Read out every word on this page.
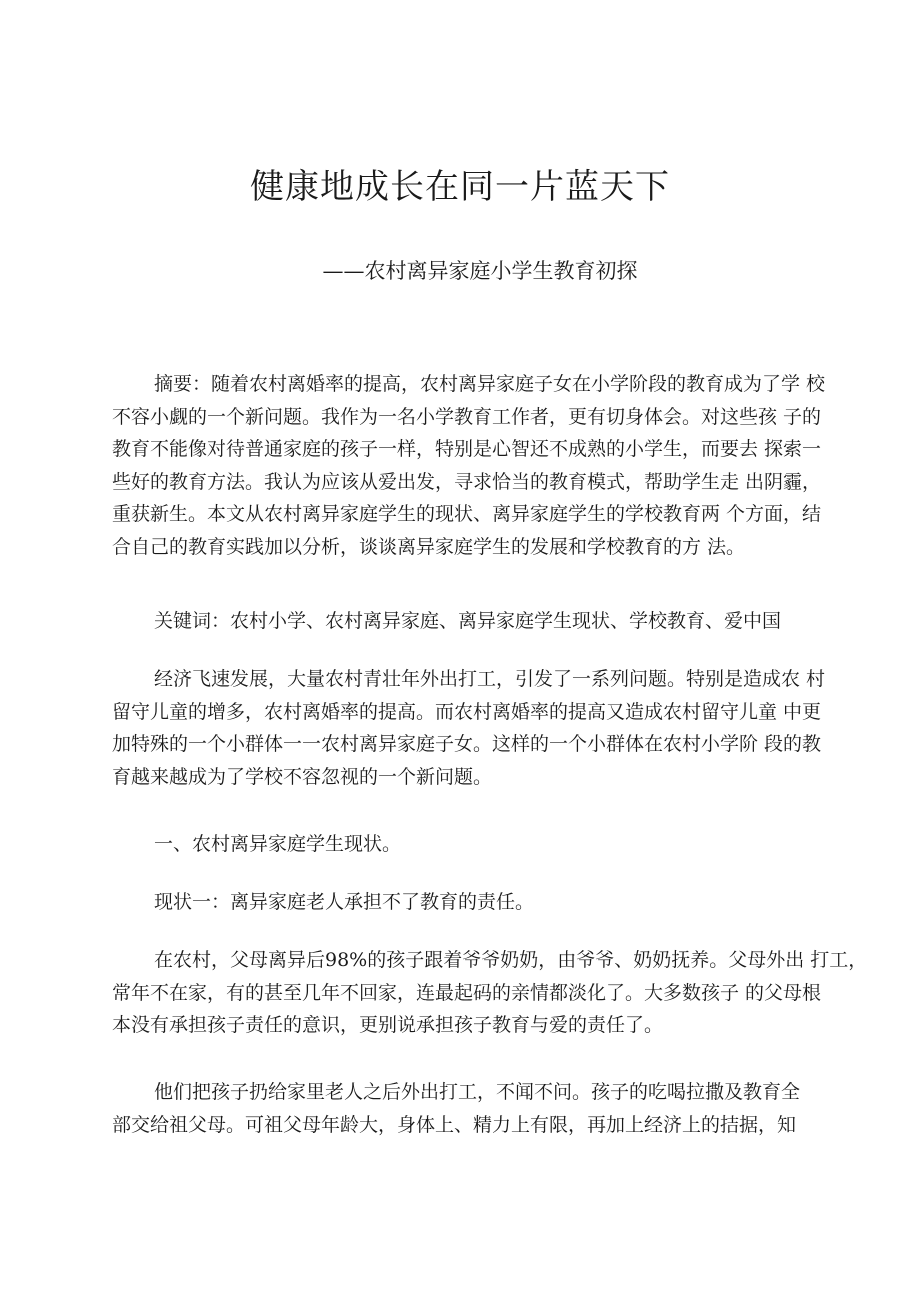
健康地成长在同一片蓝天下

——农村离异家庭小学生教育初探

摘要：随着农村离婚率的提高，农村离异家庭子女在小学阶段的教育成为了学 校
不容小觑的一个新问题。我作为一名小学教育工作者，更有切身体会。对这些孩 子的
教育不能像对待普通家庭的孩子一样，特别是心智还不成熟的小学生，而要去 探索一
些好的教育方法。我认为应该从爱出发，寻求恰当的教育模式，帮助学生走 出阴霾，
重获新生。本文从农村离异家庭学生的现状、离异家庭学生的学校教育两 个方面，结
合自己的教育实践加以分析，谈谈离异家庭学生的发展和学校教育的方 法。
关键词：农村小学、农村离异家庭、离异家庭学生现状、学校教育、爱中国
经济飞速发展，大量农村青壮年外出打工，引发了一系列问题。特别是造成农 村
留守儿童的增多，农村离婚率的提高。而农村离婚率的提高又造成农村留守儿童 中更
加特殊的一个小群体一一农村离异家庭子女。这样的一个小群体在农村小学阶 段的教
育越来越成为了学校不容忽视的一个新问题。
一、农村离异家庭学生现状。
现状一：离异家庭老人承担不了教育的责任。
在农村，父母离异后98%的孩子跟着爷爷奶奶，由爷爷、奶奶抚养。父母外出 打工，
常年不在家，有的甚至几年不回家，连最起码的亲情都淡化了。大多数孩子 的父母根
本没有承担孩子责任的意识，更别说承担孩子教育与爱的责任了。
他们把孩子扔给家里老人之后外出打工，不闻不问。孩子的吃喝拉撒及教育全
部交给祖父母。可祖父母年龄大，身体上、精力上有限，再加上经济上的拮据，知
